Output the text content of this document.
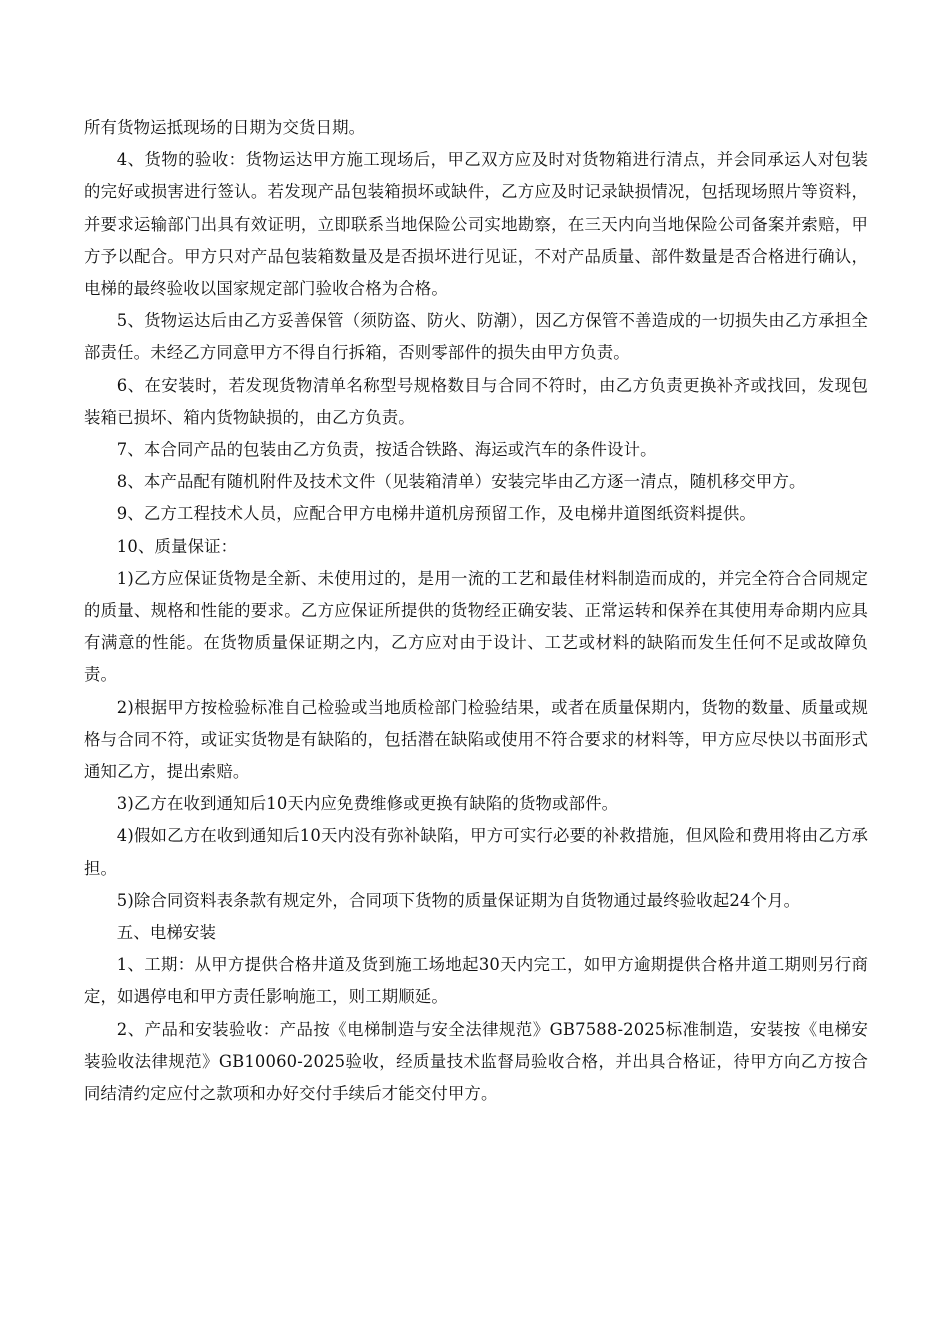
所有货物运抵现场的日期为交货日期。

4、货物的验收：货物运达甲方施工现场后，甲乙双方应及时对货物箱进行清点，并会同承运人对包装的完好或损害进行签认。若发现产品包装箱损坏或缺件，乙方应及时记录缺损情况，包括现场照片等资料，并要求运输部门出具有效证明，立即联系当地保险公司实地勘察，在三天内向当地保险公司备案并索赔，甲方予以配合。甲方只对产品包装箱数量及是否损坏进行见证，不对产品质量、部件数量是否合格进行确认，电梯的最终验收以国家规定部门验收合格为合格。

5、货物运达后由乙方妥善保管（须防盗、防火、防潮），因乙方保管不善造成的一切损失由乙方承担全部责任。未经乙方同意甲方不得自行拆箱，否则零部件的损失由甲方负责。

6、在安装时，若发现货物清单名称型号规格数目与合同不符时，由乙方负责更换补齐或找回，发现包装箱已损坏、箱内货物缺损的，由乙方负责。

7、本合同产品的包装由乙方负责，按适合铁路、海运或汽车的条件设计。

8、本产品配有随机附件及技术文件（见装箱清单）安装完毕由乙方逐一清点，随机移交甲方。

9、乙方工程技术人员，应配合甲方电梯井道机房预留工作，及电梯井道图纸资料提供。

10、质量保证：

1)乙方应保证货物是全新、未使用过的，是用一流的工艺和最佳材料制造而成的，并完全符合合同规定的质量、规格和性能的要求。乙方应保证所提供的货物经正确安装、正常运转和保养在其使用寿命期内应具有满意的性能。在货物质量保证期之内，乙方应对由于设计、工艺或材料的缺陷而发生任何不足或故障负责。

2)根据甲方按检验标准自己检验或当地质检部门检验结果，或者在质量保期内，货物的数量、质量或规格与合同不符，或证实货物是有缺陷的，包括潜在缺陷或使用不符合要求的材料等，甲方应尽快以书面形式通知乙方，提出索赔。

3)乙方在收到通知后10天内应免费维修或更换有缺陷的货物或部件。

4)假如乙方在收到通知后10天内没有弥补缺陷，甲方可实行必要的补救措施，但风险和费用将由乙方承担。

5)除合同资料表条款有规定外，合同项下货物的质量保证期为自货物通过最终验收起24个月。

五、电梯安装

1、工期：从甲方提供合格井道及货到施工场地起30天内完工，如甲方逾期提供合格井道工期则另行商定，如遇停电和甲方责任影响施工，则工期顺延。

2、产品和安装验收：产品按《电梯制造与安全法律规范》GB7588-2025标准制造，安装按《电梯安装验收法律规范》GB10060-2025验收，经质量技术监督局验收合格，并出具合格证，待甲方向乙方按合同结清约定应付之款项和办好交付手续后才能交付甲方。
